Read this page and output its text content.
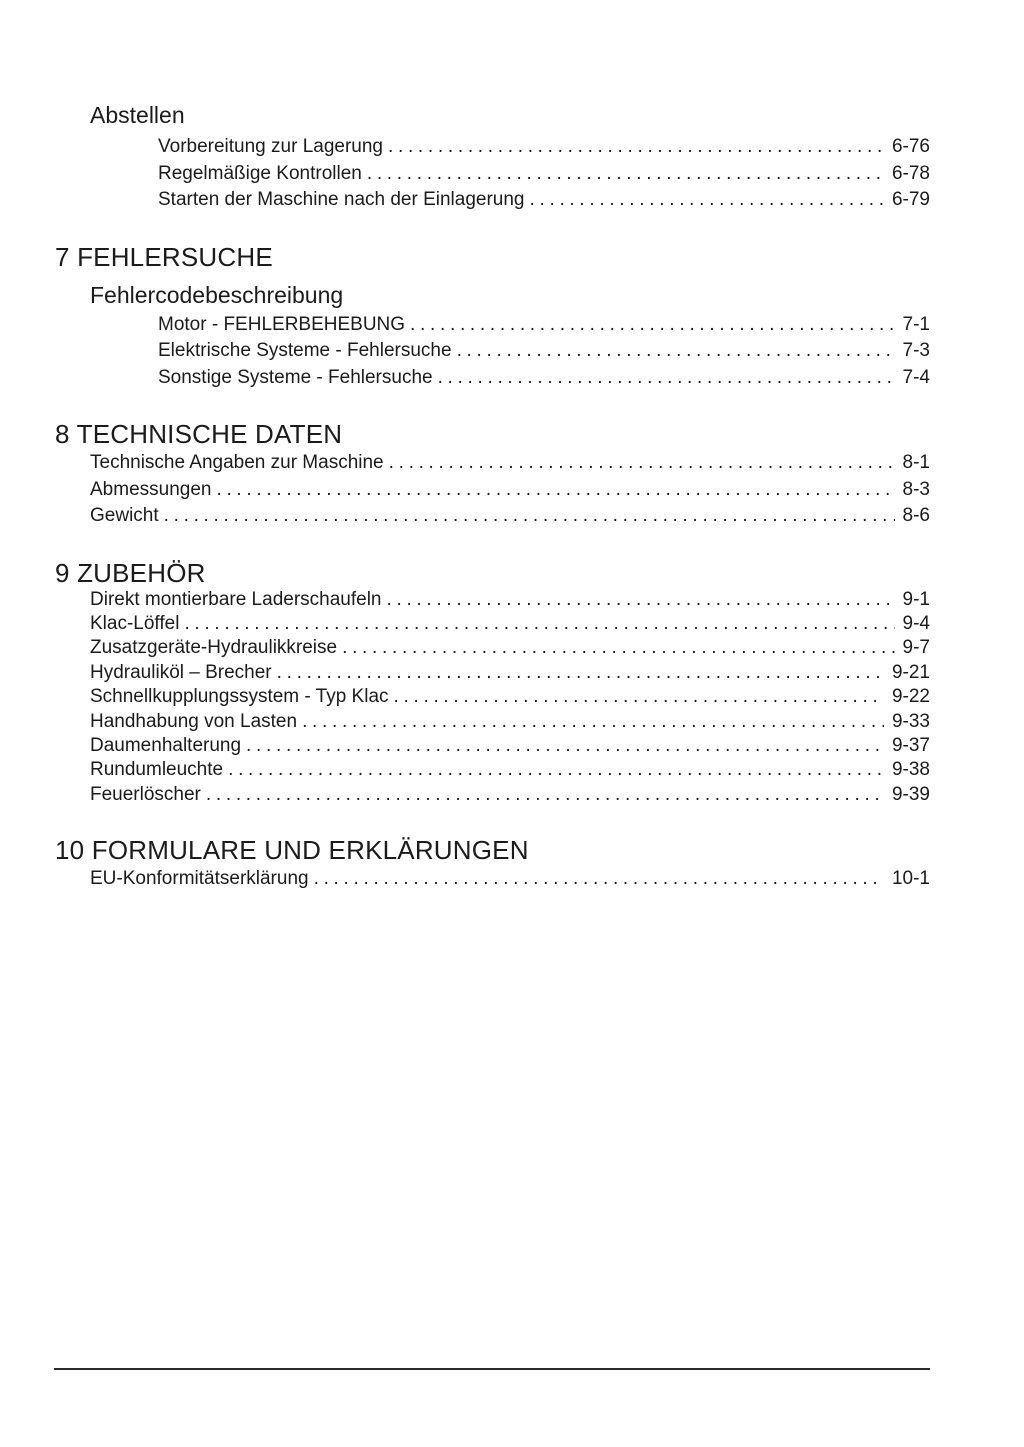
Abstellen
Vorbereitung zur Lagerung .....	6-76
Regelmäßige Kontrollen .....	6-78
Starten der Maschine nach der Einlagerung .....	6-79
7 FEHLERSUCHE
Fehlercodebeschreibung
Motor - FEHLERBEHEBUNG .....	7-1
Elektrische Systeme - Fehlersuche .....	7-3
Sonstige Systeme - Fehlersuche .....	7-4
8 TECHNISCHE DATEN
Technische Angaben zur Maschine .....	8-1
Abmessungen .....	8-3
Gewicht .....	8-6
9 ZUBEHÖR
Direkt montierbare Laderschaufeln .....	9-1
Klac-Löffel .....	9-4
Zusatzgeräte-Hydraulikkreise .....	9-7
Hydrauliköl – Brecher .....	9-21
Schnellkupplungssystem - Typ Klac .....	9-22
Handhabung von Lasten .....	9-33
Daumenhalterung .....	9-37
Rundumleuchte .....	9-38
Feuerlöscher .....	9-39
10 FORMULARE UND ERKLÄRUNGEN
EU-Konformitätserklärung .....	10-1
